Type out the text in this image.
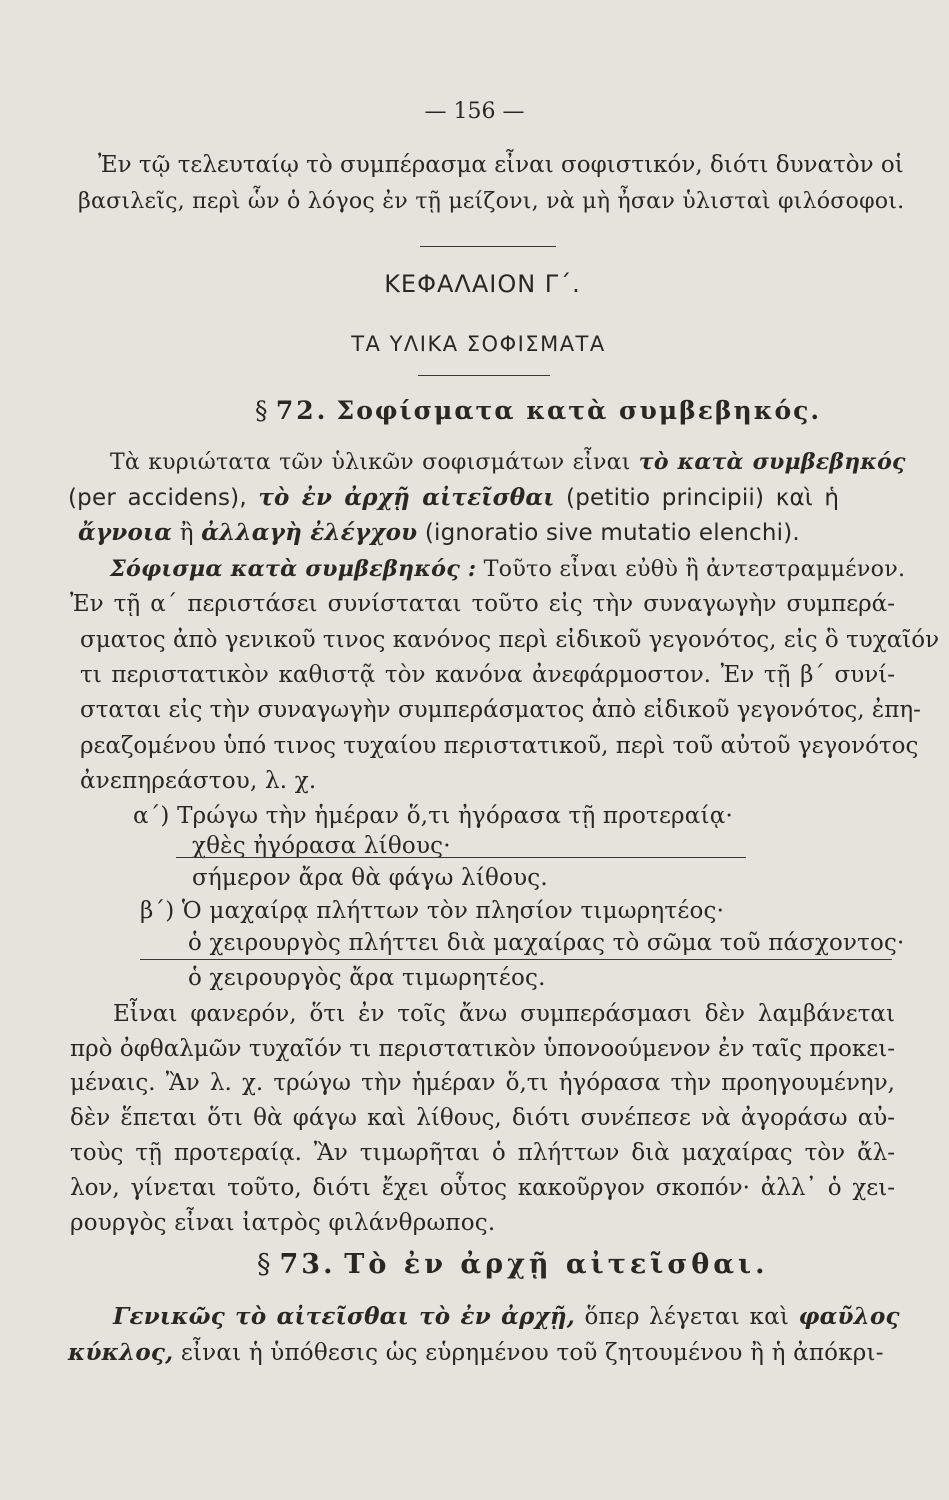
— 156 —
Ἐν τῷ τελευταίῳ τὸ συμπέρασμα εἶναι σοφιστικόν, διότι δυνατὸν οἱ
βασιλεῖς, περὶ ὧν ὁ λόγος ἐν τῇ μείζονι, νὰ μὴ ἦσαν ὑλισταὶ φιλόσοφοι.
ΚΕΦΑΛΑΙΟΝ Γ΄.
ΤΑ ΥΛΙΚΑ ΣΟΦΙΣΜΑΤΑ
§ 72. Σοφίσματα κατὰ συμβεβηκός.
Τὰ κυριώτατα τῶν ὑλικῶν σοφισμάτων εἶναι τὸ κατὰ συμβεβηκός
(per accidens), τὸ ἐν ἀρχῇ αἰτεῖσθαι (petitio principii) καὶ ἡ
ἄγνοια ἢ ἀλλαγὴ ἐλέγχου (ignoratio sive mutatio elenchi).
Σόφισμα κατὰ συμβεβηκός : Τοῦτο εἶναι εὐθὺ ἢ ἀντεστραμμένον.
Ἐν τῇ α΄ περιστάσει συνίσταται τοῦτο εἰς τὴν συναγωγὴν συμπερά-
σματος ἀπὸ γενικοῦ τινος κανόνος περὶ εἰδικοῦ γεγονότος, εἰς ὃ τυχαῖόν
τι περιστατικὸν καθιστᾷ τὸν κανόνα ἀνεφάρμοστον. Ἐν τῇ β΄ συνί-
σταται εἰς τὴν συναγωγὴν συμπεράσματος ἀπὸ εἰδικοῦ γεγονότος, ἐπη-
ρεαζομένου ὑπό τινος τυχαίου περιστατικοῦ, περὶ τοῦ αὐτοῦ γεγονότος
ἀνεπηρεάστου, λ. χ.
α΄) Τρώγω τὴν ἡμέραν ὅ,τι ἠγόρασα τῇ προτεραίᾳ·
χθὲς ἠγόρασα λίθους·
σήμερον ἄρα θὰ φάγω λίθους.
β΄) Ὁ μαχαίρᾳ πλήττων τὸν πλησίον τιμωρητέος·
ὁ χειρουργὸς πλήττει διὰ μαχαίρας τὸ σῶμα τοῦ πάσχοντος·
ὁ χειρουργὸς ἄρα τιμωρητέος.
Εἶναι φανερόν, ὅτι ἐν τοῖς ἄνω συμπεράσμασι δὲν λαμβάνεται
πρὸ ὀφθαλμῶν τυχαῖόν τι περιστατικὸν ὑπονοούμενον ἐν ταῖς προκει-
μέναις. Ἂν λ. χ. τρώγω τὴν ἡμέραν ὅ,τι ἠγόρασα τὴν προηγουμένην,
δὲν ἕπεται ὅτι θὰ φάγω καὶ λίθους, διότι συνέπεσε νὰ ἀγοράσω αὐ-
τοὺς τῇ προτεραίᾳ. Ἂν τιμωρῆται ὁ πλήττων διὰ μαχαίρας τὸν ἄλ-
λον, γίνεται τοῦτο, διότι ἔχει οὗτος κακοῦργον σκοπόν· ἀλλ᾽ ὁ χει-
ρουργὸς εἶναι ἰατρὸς φιλάνθρωπος.
§ 73. Τὸ ἐν ἀρχῇ αἰτεῖσθαι.
Γενικῶς τὸ αἰτεῖσθαι τὸ ἐν ἀρχῇ, ὅπερ λέγεται καὶ φαῦλος
κύκλος, εἶναι ἡ ὑπόθεσις ὡς εὑρημένου τοῦ ζητουμένου ἢ ἡ ἀπόκρι-
